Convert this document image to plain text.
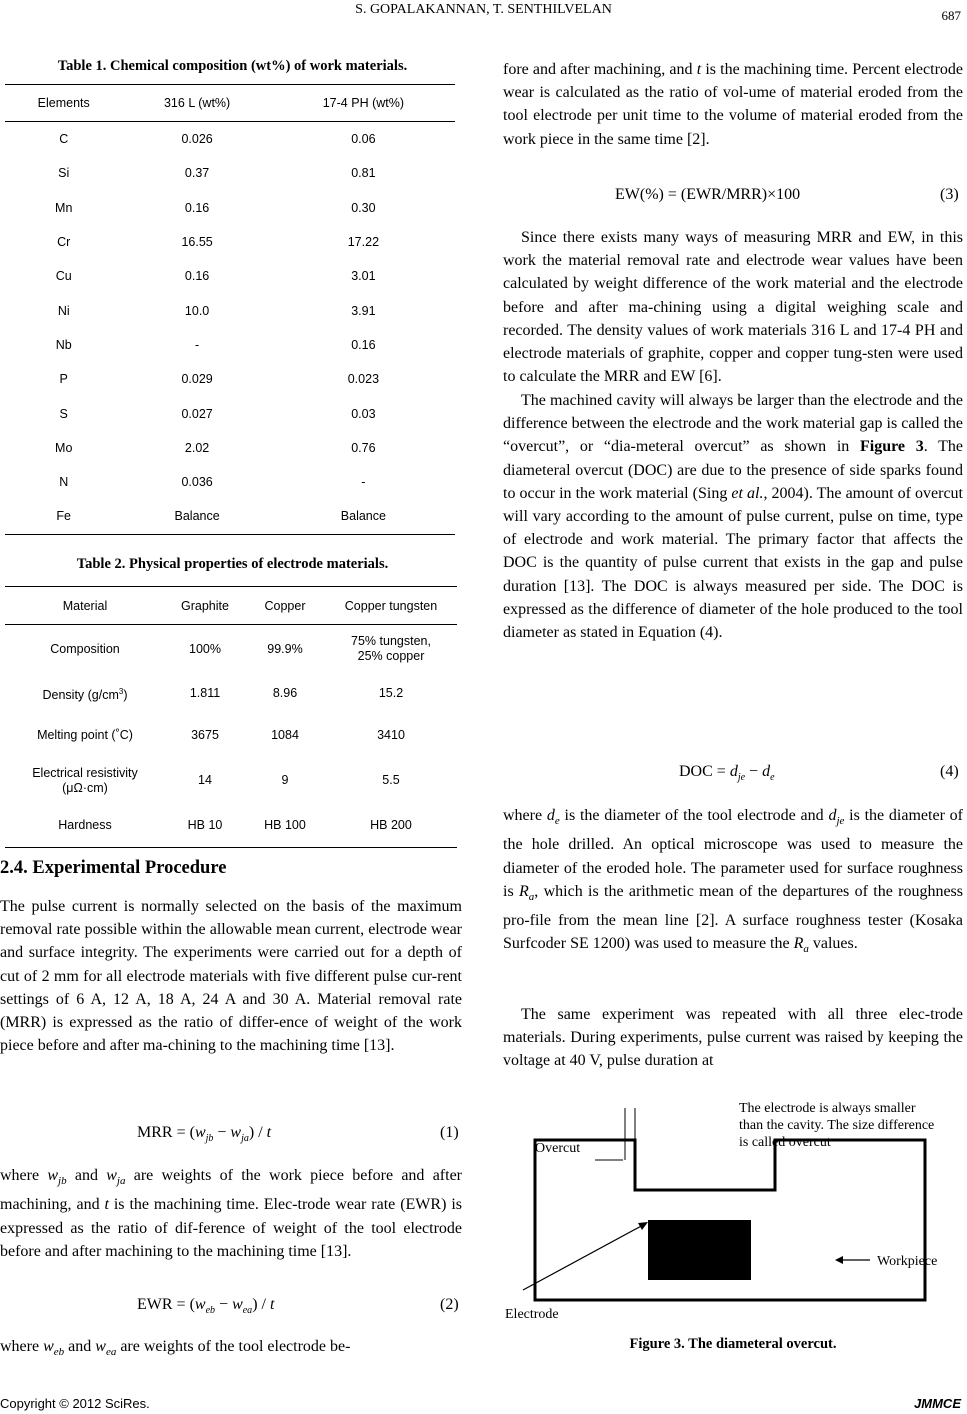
S. GOPALAKANNAN, T. SENTHILVELAN	687
Table 1. Chemical composition (wt%) of work materials.
Elements	316 L (wt%)	17-4 PH (wt%)
C	0.026	0.06
Si	0.37	0.81
Mn	0.16	0.30
Cr	16.55	17.22
Cu	0.16	3.01
Ni	10.0	3.91
Nb	-	0.16
P	0.029	0.023
S	0.027	0.03
Mo	2.02	0.76
N	0.036	-
Fe	Balance	Balance
Table 2. Physical properties of electrode materials.
Material	Graphite	Copper	Copper tungsten
Composition	100%	99.9%	75% tungsten,
25% copper
Density $(g/cm^3)$	1.811	8.96	15.2
Melting point (˚C)	3675	1084	3410
Electrical resistivity
(μΩ·cm)	14	9	5.5
Hardness	HB 10	HB 100	HB 200
2.4. Experimental Procedure
The pulse current is normally selected on the basis of the maximum removal rate possible within the allowable mean current, electrode wear and surface integrity. The experiments were carried out for a depth of cut of 2 mm for all electrode materials with five different pulse cur-rent settings of 6 A, 12 A, 18 A, 24 A and 30 A. Material removal rate (MRR) is expressed as the ratio of differ-ence of weight of the work piece before and after ma-chining to the machining time [13].
MRR = $(w_{jb} - w_{ja}) / t$	(1)
where $w_{jb}$ and $w_{ja}$ are weights of the work piece before and after machining, and t is the machining time. Elec-trode wear rate (EWR) is expressed as the ratio of dif-ference of weight of the tool electrode before and after machining to the machining time [13].
EWR = $(w_{eb} - w_{ea}) / t$	(2)
where $w_{eb}$ and $w_{ea}$ are weights of the tool electrode be-
fore and after machining, and t is the machining time. Percent electrode wear is calculated as the ratio of vol-ume of material eroded from the tool electrode per unit time to the volume of material eroded from the work piece in the same time [2].
EW(%) = (EWR/MRR)×100	(3)
Since there exists many ways of measuring MRR and EW, in this work the material removal rate and electrode wear values have been calculated by weight difference of the work material and the electrode before and after ma-chining using a digital weighing scale and recorded. The density values of work materials 316 L and 17-4 PH and electrode materials of graphite, copper and copper tung-sten were used to calculate the MRR and EW [6].
The machined cavity will always be larger than the electrode and the difference between the electrode and the work material gap is called the “overcut”, or “dia-meteral overcut” as shown in Figure 3. The diameteral overcut (DOC) are due to the presence of side sparks found to occur in the work material (Sing et al., 2004). The amount of overcut will vary according to the amount of pulse current, pulse on time, type of electrode and work material. The primary factor that affects the DOC is the quantity of pulse current that exists in the gap and pulse duration [13]. The DOC is always measured per side. The DOC is expressed as the difference of diameter of the hole produced to the tool diameter as stated in Equation (4).
DOC = $d_{je} - d_e$	(4)
where $d_e$ is the diameter of the tool electrode and $d_{je}$ is the diameter of the hole drilled. An optical microscope was used to measure the diameter of the eroded hole. The parameter used for surface roughness is $R_a$, which is the arithmetic mean of the departures of the roughness pro-file from the mean line [2]. A surface roughness tester (Kosaka Surfcoder SE 1200) was used to measure the $R_a$ values.
The same experiment was repeated with all three elec-trode materials. During experiments, pulse current was raised by keeping the voltage at 40 V, pulse duration at
The electrode is always smaller
than the cavity. The size difference
is called overcut
Overcut
Workpiece
Electrode
Figure 3. The diameteral overcut.
Copyright © 2012 SciRes.	JMMCE
